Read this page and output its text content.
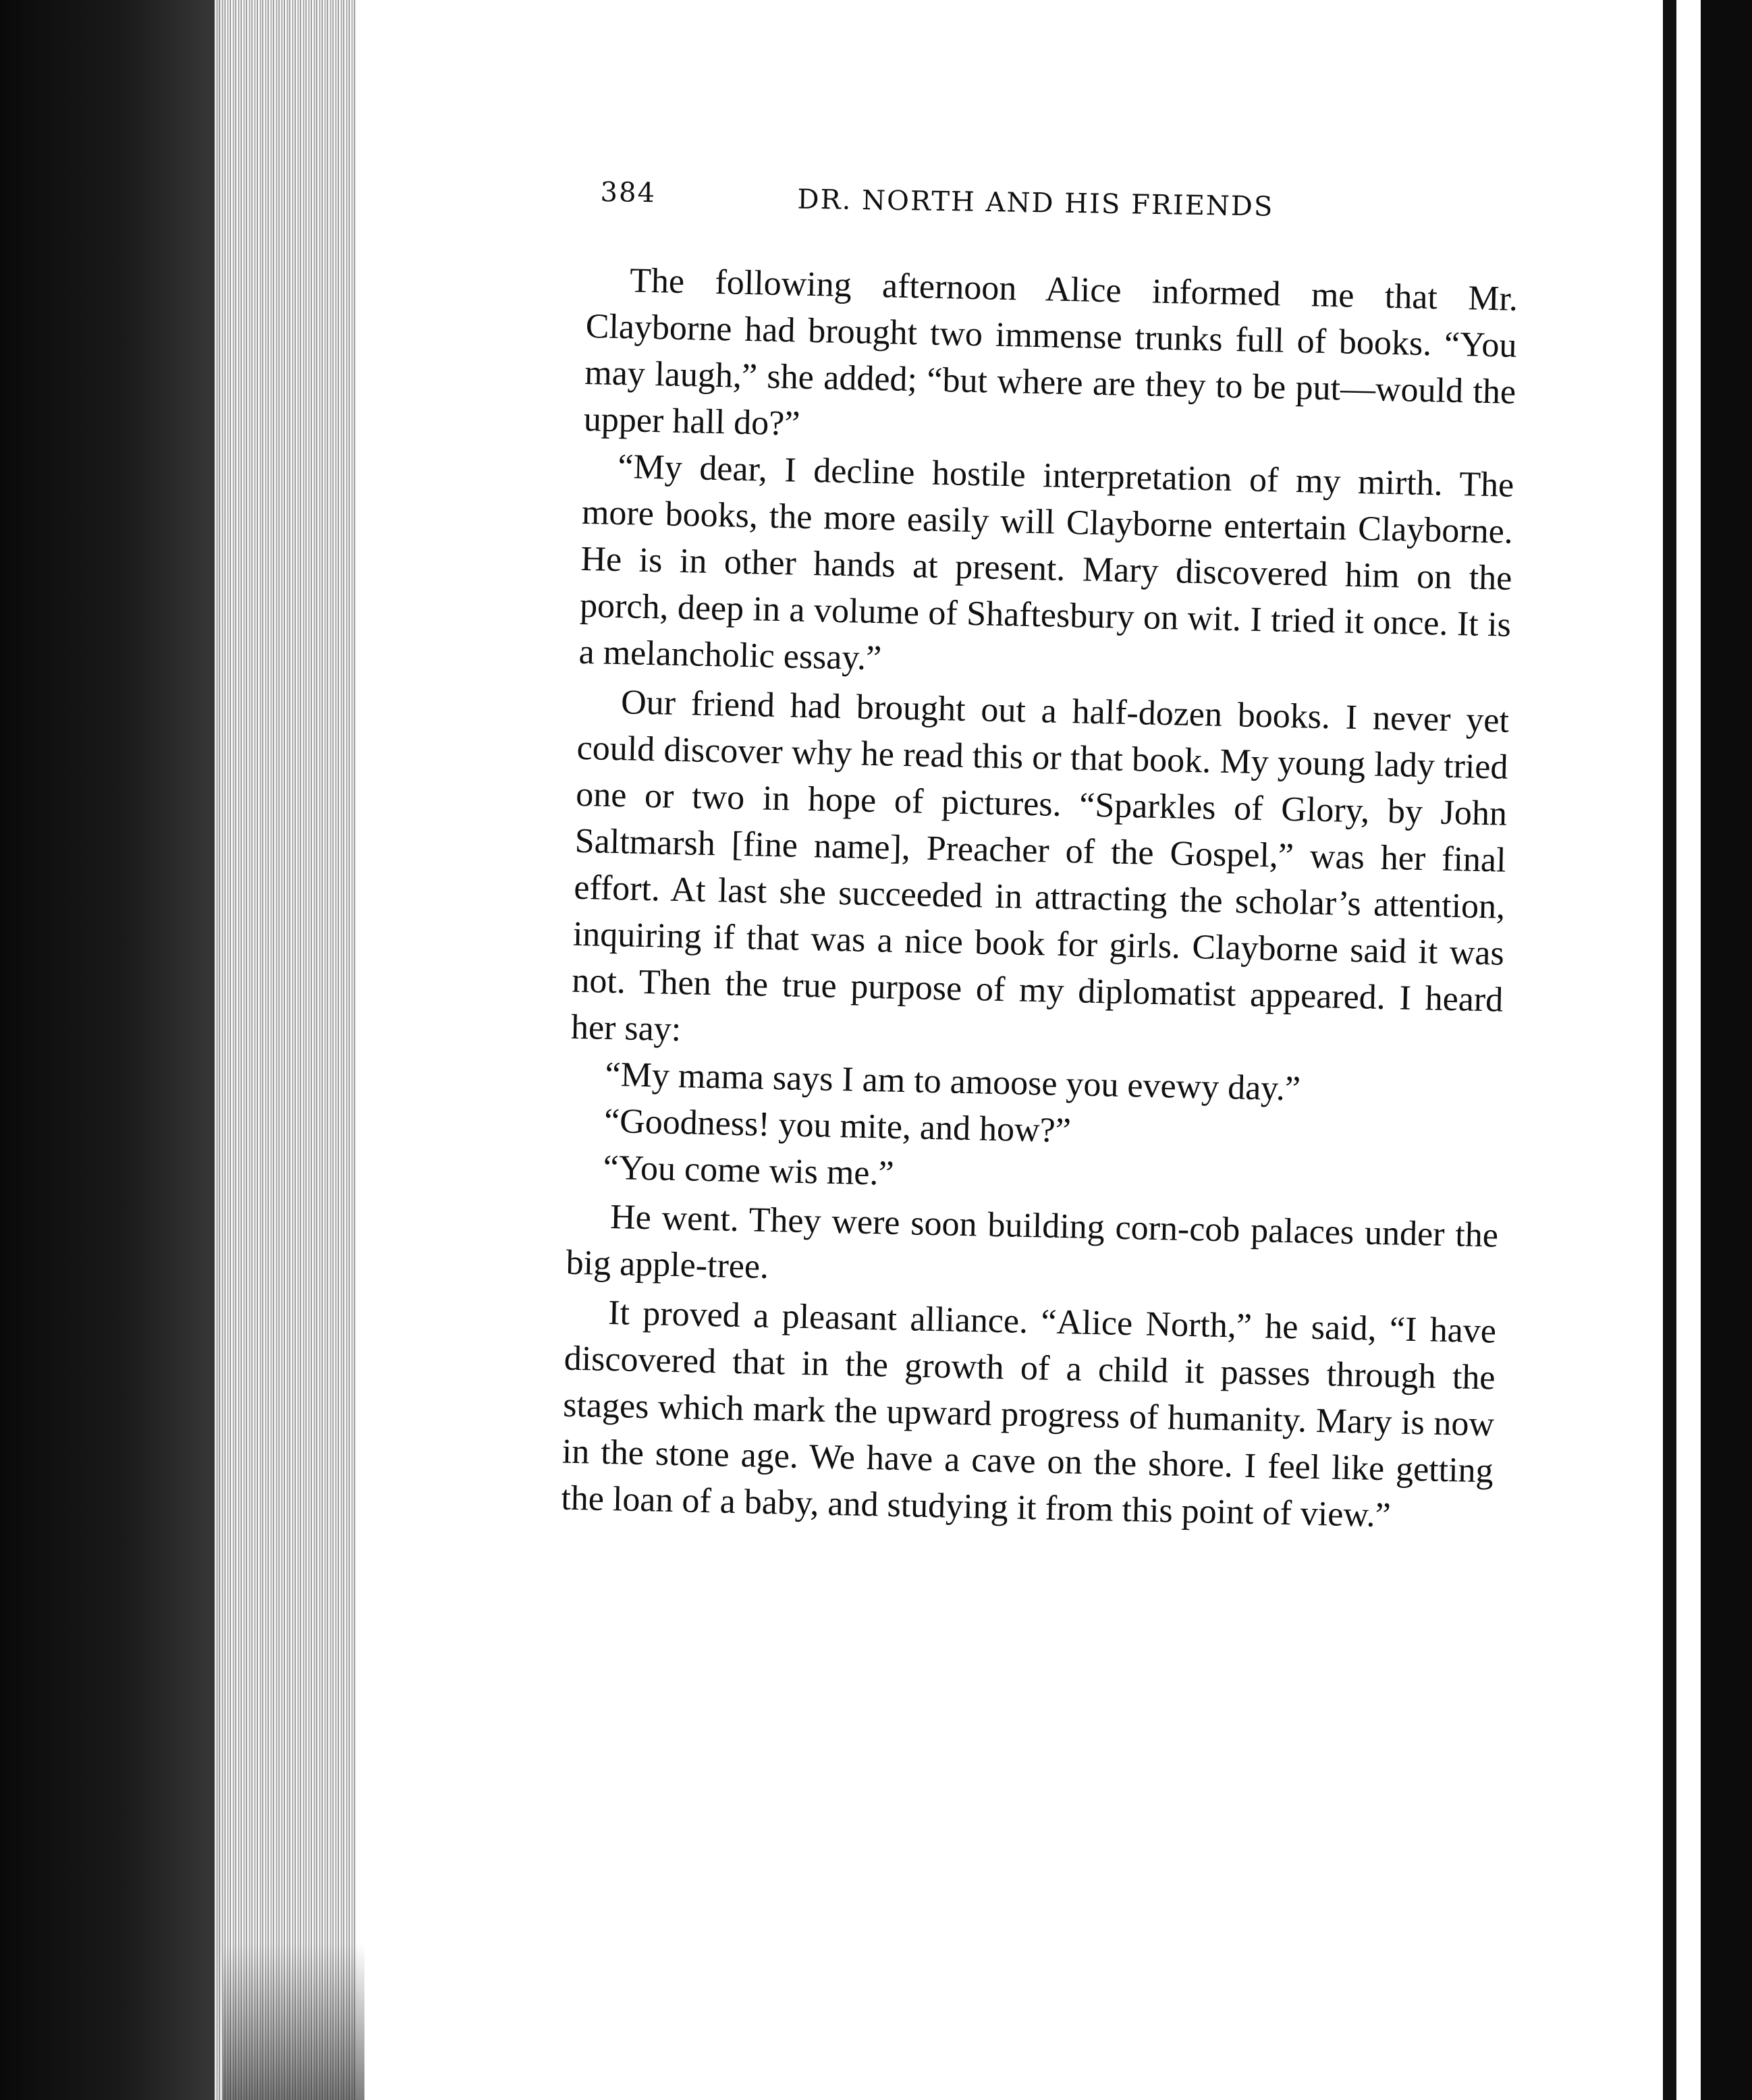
384	DR. NORTH AND HIS FRIENDS

The following afternoon Alice informed me that Mr. Clayborne had brought two immense trunks full of books. “You may laugh,” she added; “but where are they to be put—would the upper hall do?”

“My dear, I decline hostile interpretation of my mirth. The more books, the more easily will Clayborne entertain Clayborne. He is in other hands at present. Mary discovered him on the porch, deep in a volume of Shaftesbury on wit. I tried it once. It is a melancholic essay.”

Our friend had brought out a half-dozen books. I never yet could discover why he read this or that book. My young lady tried one or two in hope of pictures. “Sparkles of Glory, by John Saltmarsh [fine name], Preacher of the Gospel,” was her final effort. At last she succeeded in attracting the scholar’s attention, inquiring if that was a nice book for girls. Clayborne said it was not. Then the true purpose of my diplomatist appeared. I heard her say:

“My mama says I am to amoose you evewy day.”

“Goodness! you mite, and how?”

“You come wis me.”

He went. They were soon building corn-cob palaces under the big apple-tree.

It proved a pleasant alliance. “Alice North,” he said, “I have discovered that in the growth of a child it passes through the stages which mark the upward progress of humanity. Mary is now in the stone age. We have a cave on the shore. I feel like getting the loan of a baby, and studying it from this point of view.”
